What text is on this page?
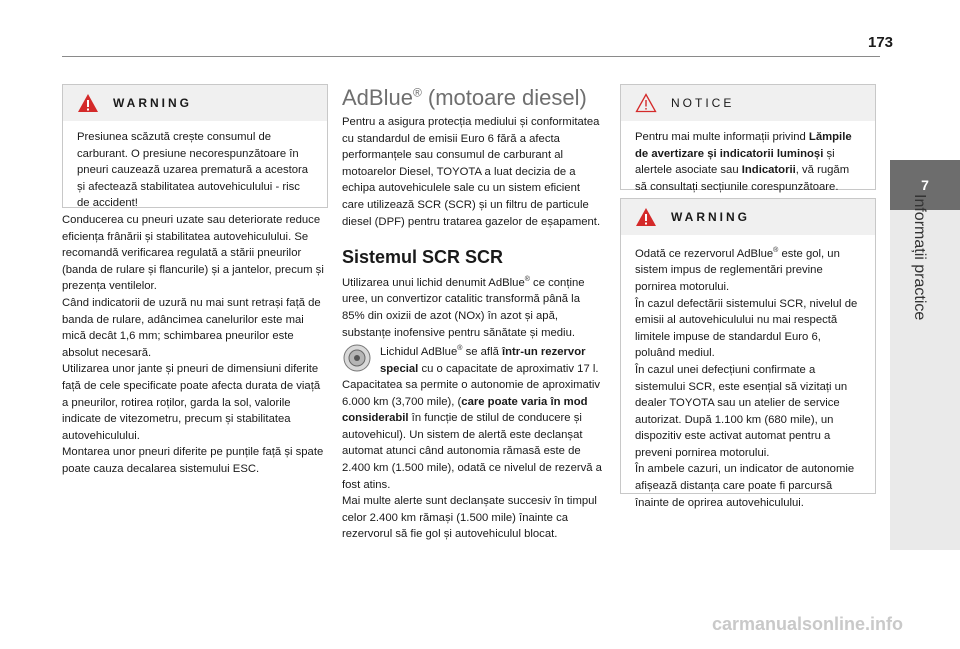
173
7
Informații practice
WARNING
Presiunea scăzută crește consumul de carburant. O presiune necorespunzătoare în pneuri cauzează uzarea prematură a acestora și afectează stabilitatea autovehiculului - risc de accident!
Conducerea cu pneuri uzate sau deteriorate reduce eficiența frânării și stabilitatea autovehiculului. Se recomandă verificarea regulată a stării pneurilor (banda de rulare și flancurile) și a jantelor, precum și prezența ventilelor.
Când indicatorii de uzură nu mai sunt retrași față de banda de rulare, adâncimea canelurilor este mai mică decât 1,6 mm; schimbarea pneurilor este absolut necesară.
Utilizarea unor jante și pneuri de dimensiuni diferite față de cele specificate poate afecta durata de viață a pneurilor, rotirea roților, garda la sol, valorile indicate de vitezometru, precum și stabilitatea autovehiculului.
Montarea unor pneuri diferite pe punțile față și spate poate cauza decalarea sistemului ESC.
AdBlue® (motoare diesel)
Pentru a asigura protecția mediului și conformitatea cu standardul de emisii Euro 6 fără a afecta performanțele sau consumul de carburant al motoarelor Diesel, TOYOTA a luat decizia de a echipa autovehiculele sale cu un sistem eficient care utilizează SCR (SCR) și un filtru de particule diesel (DPF) pentru tratarea gazelor de eșapament.
Sistemul SCR SCR
Utilizarea unui lichid denumit AdBlue® ce conține uree, un convertizor catalitic transformă până la 85% din oxizii de azot (NOx) în azot și apă, substanțe inofensive pentru sănătate și mediu.
Lichidul AdBlue® se află într-un rezervor special cu o capacitate de aproximativ 17 l.
Capacitatea sa permite o autonomie de aproximativ 6.000 km (3,700 mile), (care poate varia în mod considerabil în funcție de stilul de conducere și autovehicul). Un sistem de alertă este declanșat automat atunci când autonomia rămasă este de 2.400 km (1.500 mile), odată ce nivelul de rezervă a fost atins.
Mai multe alerte sunt declanșate succesiv în timpul celor 2.400 km rămași (1.500 mile) înainte ca rezervorul să fie gol și autovehiculul blocat.
NOTICE
Pentru mai multe informații privind Lămpile de avertizare și indicatorii luminoși și alertele asociate sau Indicatorii, vă rugăm să consultați secțiunile corespunzătoare.
WARNING
Odată ce rezervorul AdBlue® este gol, un sistem impus de reglementări previne pornirea motorului.
În cazul defectării sistemului SCR, nivelul de emisii al autovehiculului nu mai respectă limitele impuse de standardul Euro 6, poluând mediul.
În cazul unei defecțiuni confirmate a sistemului SCR, este esențial să vizitați un dealer TOYOTA sau un atelier de service autorizat. După 1.100 km (680 mile), un dispozitiv este activat automat pentru a preveni pornirea motorului.
În ambele cazuri, un indicator de autonomie afișează distanța care poate fi parcursă înainte de oprirea autovehiculului.
carmanualsonline.info
